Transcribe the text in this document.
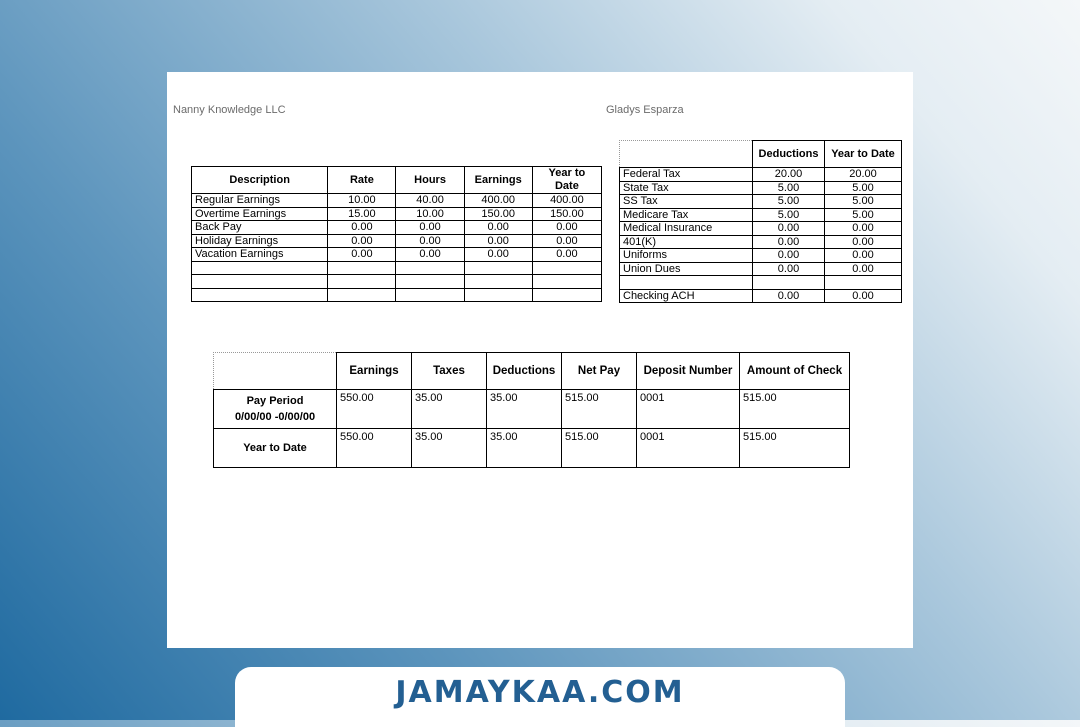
Nanny Knowledge LLC	Gladys Esparza
Description	Rate	Hours	Earnings	Year to Date
Regular Earnings	10.00	40.00	400.00	400.00
Overtime Earnings	15.00	10.00	150.00	150.00
Back Pay	0.00	0.00	0.00	0.00
Holiday Earnings	0.00	0.00	0.00	0.00
Vacation Earnings	0.00	0.00	0.00	0.00

	Deductions	Year to Date
Federal Tax	20.00	20.00
State Tax	5.00	5.00
SS Tax	5.00	5.00
Medicare Tax	5.00	5.00
Medical Insurance	0.00	0.00
401(K)	0.00	0.00
Uniforms	0.00	0.00
Union Dues	0.00	0.00

Checking ACH	0.00	0.00
	Earnings	Taxes	Deductions	Net Pay	Deposit Number	Amount of Check

Pay Period
0/00/00 -0/00/00	550.00	35.00	35.00	515.00	0001	515.00

Year to Date	550.00	35.00	35.00	515.00	0001	515.00
JAMAYKAA.COM
